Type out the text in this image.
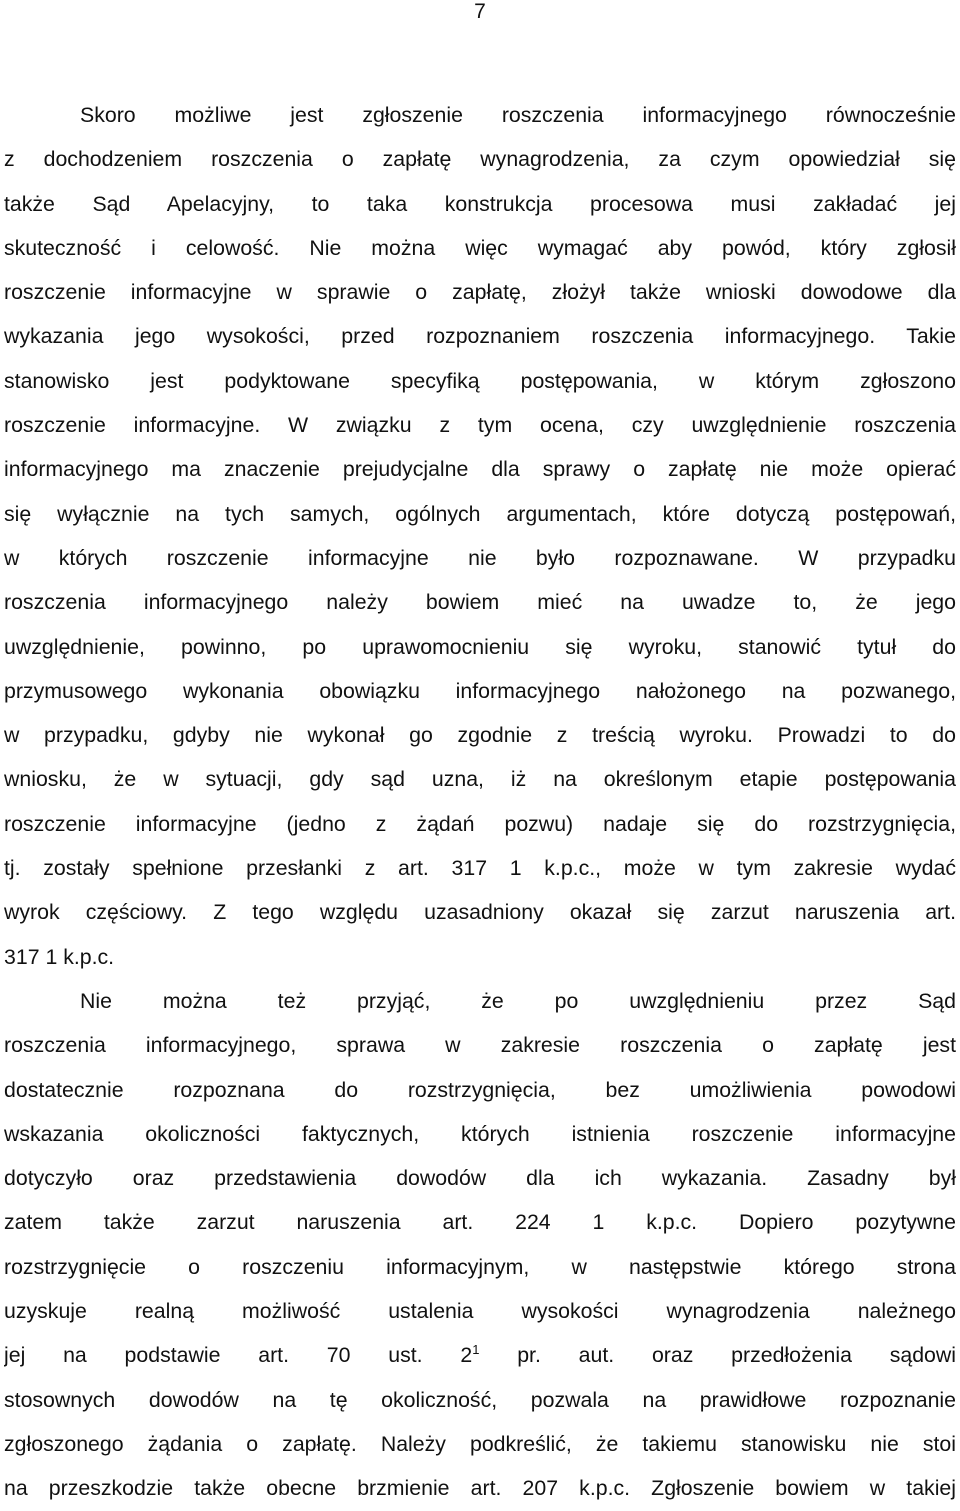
7
Skoro możliwe jest zgłoszenie roszczenia informacyjnego równocześnie
z dochodzeniem roszczenia o zapłatę wynagrodzenia, za czym opowiedział się
także Sąd Apelacyjny, to taka konstrukcja procesowa musi zakładać jej
skuteczność i celowość. Nie można więc wymagać aby powód, który zgłosił
roszczenie informacyjne w sprawie o zapłatę, złożył także wnioski dowodowe dla
wykazania jego wysokości, przed rozpoznaniem roszczenia informacyjnego. Takie
stanowisko jest podyktowane specyfiką postępowania, w którym zgłoszono
roszczenie informacyjne. W związku z tym ocena, czy uwzględnienie roszczenia
informacyjnego ma znaczenie prejudycjalne dla sprawy o zapłatę nie może opierać
się wyłącznie na tych samych, ogólnych argumentach, które dotyczą postępowań,
w których roszczenie informacyjne nie było rozpoznawane. W przypadku
roszczenia informacyjnego należy bowiem mieć na uwadze to, że jego
uwzględnienie, powinno, po uprawomocnieniu się wyroku, stanowić tytuł do
przymusowego wykonania obowiązku informacyjnego nałożonego na pozwanego,
w przypadku, gdyby nie wykonał go zgodnie z treścią wyroku. Prowadzi to do
wniosku, że w sytuacji, gdy sąd uzna, iż na określonym etapie postępowania
roszczenie informacyjne (jedno z żądań pozwu) nadaje się do rozstrzygnięcia,
tj. zostały spełnione przesłanki z art. 317 1 k.p.c., może w tym zakresie wydać
wyrok częściowy. Z tego względu uzasadniony okazał się zarzut naruszenia art.
317 1 k.p.c.
Nie można też przyjąć, że po uwzględnieniu przez Sąd
roszczenia informacyjnego, sprawa w zakresie roszczenia o zapłatę jest
dostatecznie rozpoznana do rozstrzygnięcia, bez umożliwienia powodowi
wskazania okoliczności faktycznych, których istnienia roszczenie informacyjne
dotyczyło oraz przedstawienia dowodów dla ich wykazania. Zasadny był
zatem także zarzut naruszenia art. 224 1 k.p.c. Dopiero pozytywne
rozstrzygnięcie o roszczeniu informacyjnym, w następstwie którego strona
uzyskuje realną możliwość ustalenia wysokości wynagrodzenia należnego
jej na podstawie art. 70 ust. $2^1$ pr. aut. oraz przedłożenia sądowi
stosownych dowodów na tę okoliczność, pozwala na prawidłowe rozpoznanie
zgłoszonego żądania o zapłatę. Należy podkreślić, że takiemu stanowisku nie stoi
na przeszkodzie także obecne brzmienie art. 207 k.p.c. Zgłoszenie bowiem w takiej
